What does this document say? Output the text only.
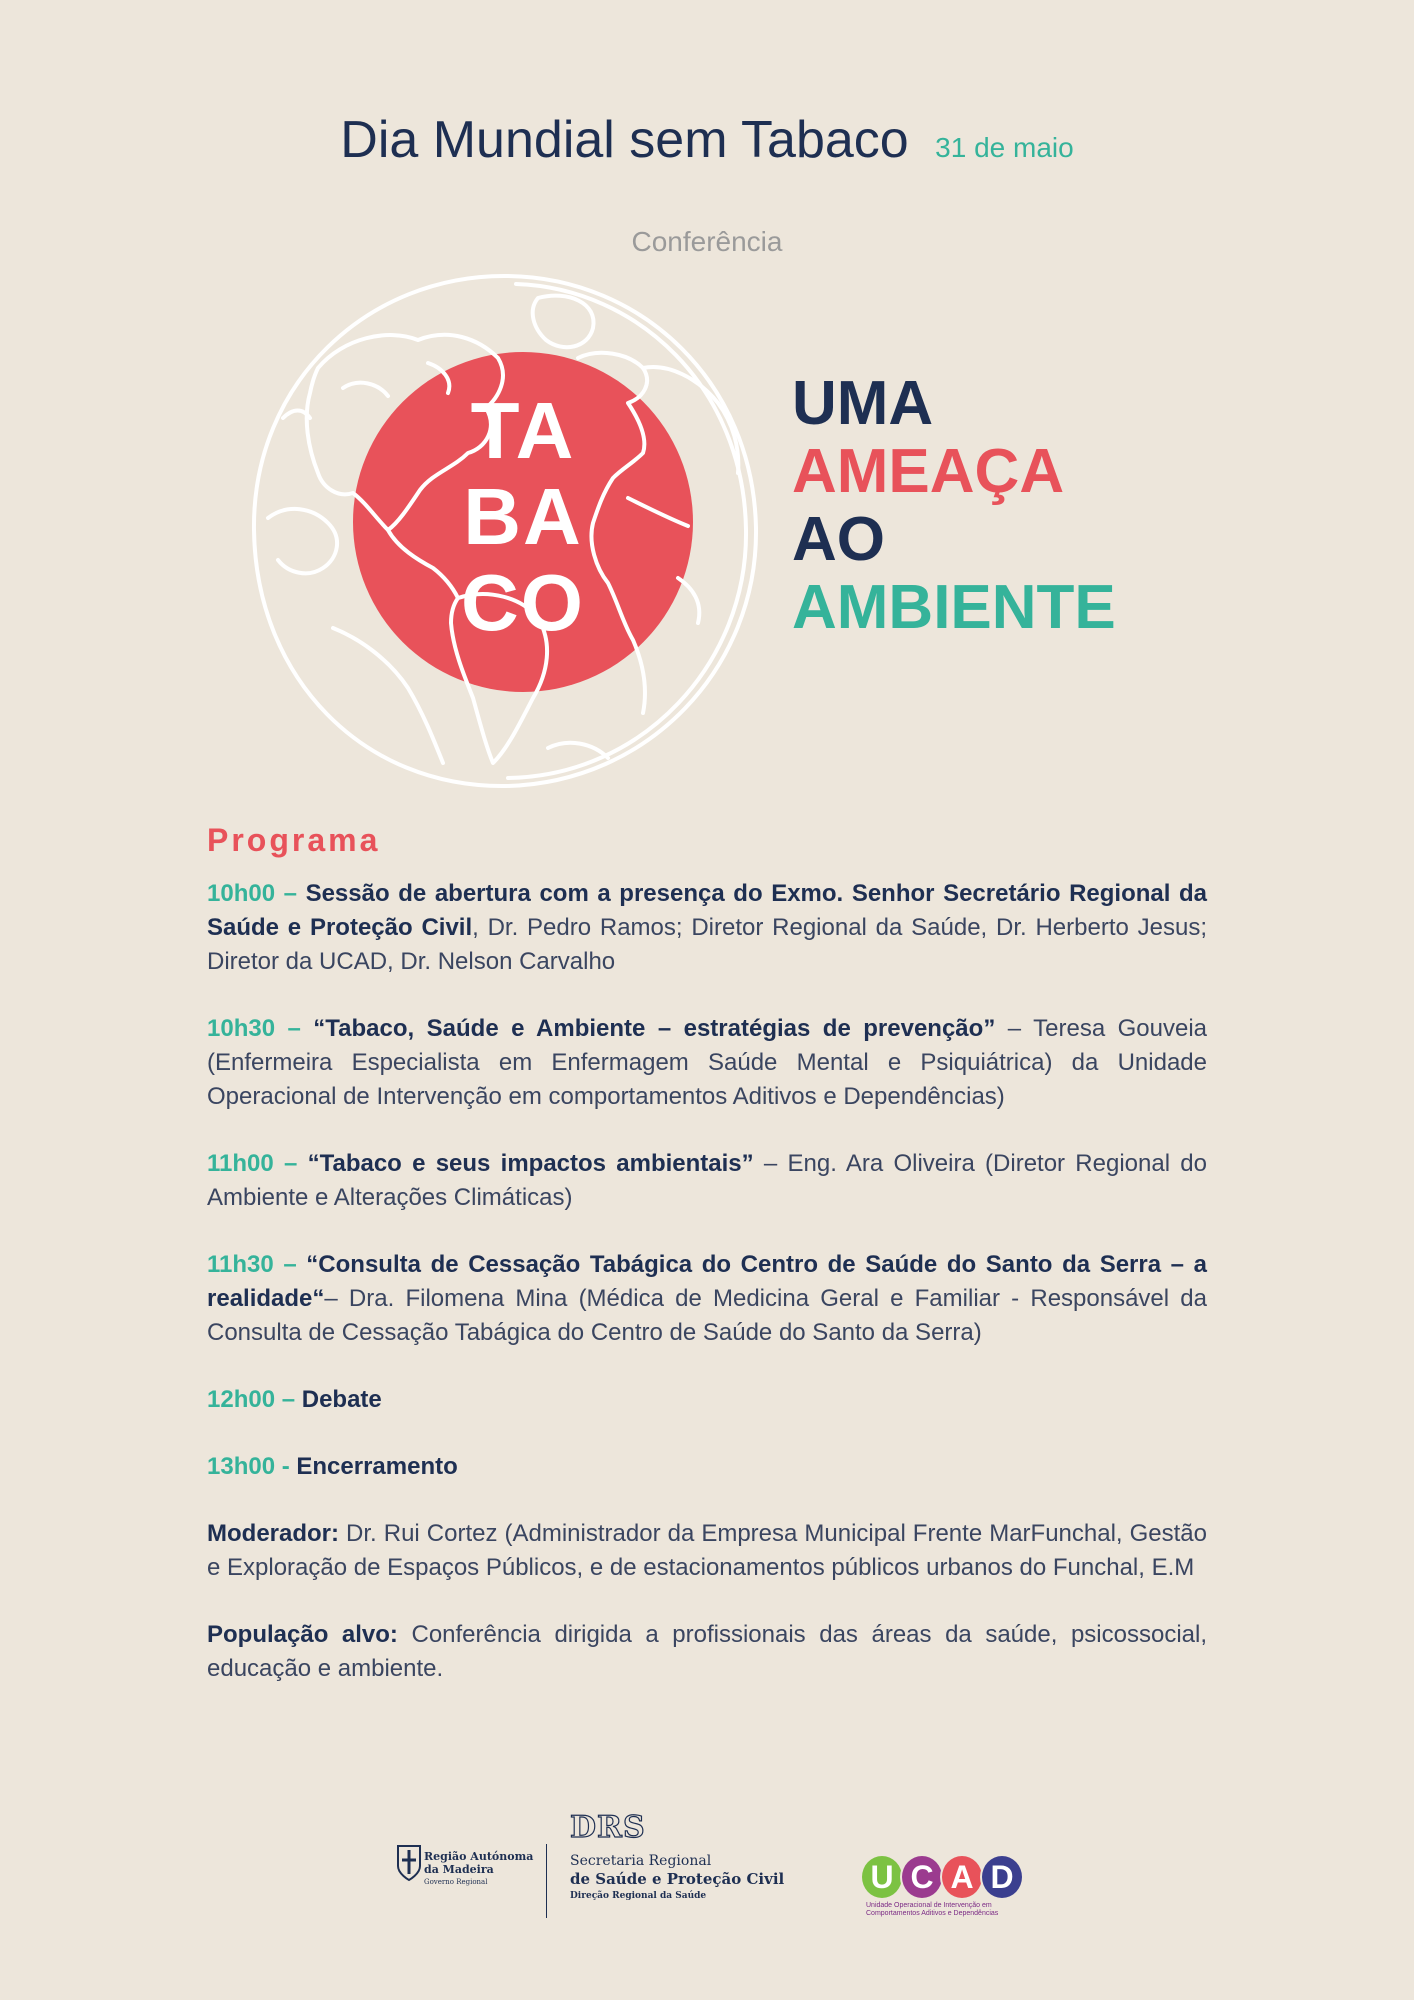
Dia Mundial sem Tabaco 31 de maio
Conferência
TA
BA
CO
UMA
AMEAÇA
AO
AMBIENTE
Programa
10h00 – Sessão de abertura com a presença do Exmo. Senhor Secretário Regional da Saúde e Proteção Civil, Dr. Pedro Ramos; Diretor Regional da Saúde, Dr. Herberto Jesus; Diretor da UCAD, Dr. Nelson Carvalho
10h30 – “Tabaco, Saúde e Ambiente – estratégias de prevenção” – Teresa Gouveia (Enfermeira Especialista em Enfermagem Saúde Mental e Psiquiátrica) da Unidade Operacional de Intervenção em comportamentos Aditivos e Dependências)
11h00 – “Tabaco e seus impactos ambientais” – Eng. Ara Oliveira (Diretor Regional do Ambiente e Alterações Climáticas)
11h30 – “Consulta de Cessação Tabágica do Centro de Saúde do Santo da Serra – a realidade“– Dra. Filomena Mina (Médica de Medicina Geral e Familiar - Responsável da Consulta de Cessação Tabágica do Centro de Saúde do Santo da Serra)
12h00 – Debate
13h00 - Encerramento
Moderador: Dr. Rui Cortez (Administrador da Empresa Municipal Frente MarFunchal, Gestão e Exploração de Espaços Públicos, e de estacionamentos públicos urbanos do Funchal, E.M
População alvo: Conferência dirigida a profissionais das áreas da saúde, psicossocial, educação e ambiente.
Região Autónoma
da Madeira
Governo Regional
DRS
Secretaria Regional
de Saúde e Proteção Civil
Direção Regional da Saúde
U C A D
Unidade Operacional de Intervenção em Comportamentos Aditivos e Dependências
